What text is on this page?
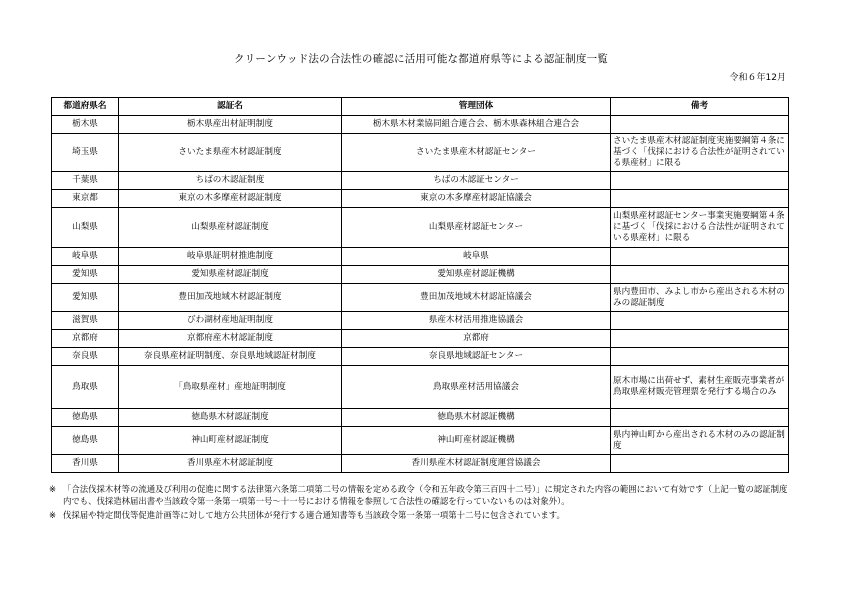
クリーンウッド法の合法性の確認に活用可能な都道府県等による認証制度一覧
令和６年12月
都道府県名	認証名	管理団体	備考
栃木県	栃木県産出材証明制度	栃木県木材業協同組合連合会、栃木県森林組合連合会	
埼玉県	さいたま県産木材認証制度	さいたま県産木材認証センター	さいたま県産木材認証制度実施要綱第４条に基づく「伐採における合法性が証明されている県産材」に限る
千葉県	ちばの木認証制度	ちばの木認証センター	
東京都	東京の木多摩産材認証制度	東京の木多摩産材認証協議会	
山梨県	山梨県産材認証制度	山梨県産材認証センター	山梨県産材認証センター事業実施要綱第４条に基づく「伐採における合法性が証明されている県産材」に限る
岐阜県	岐阜県証明材推進制度	岐阜県	
愛知県	愛知県産材認証制度	愛知県産材認証機構	
愛知県	豊田加茂地域木材認証制度	豊田加茂地域木材認証協議会	県内豊田市、みよし市から産出される木材のみの認証制度
滋賀県	びわ湖材産地証明制度	県産木材活用推進協議会	
京都府	京都府産木材認証制度	京都府	
奈良県	奈良県産材証明制度、奈良県地域認証材制度	奈良県地域認証センター	
鳥取県	「鳥取県産材」産地証明制度	鳥取県産材活用協議会	原木市場に出荷せず、素材生産販売事業者が鳥取県産材販売管理票を発行する場合のみ
徳島県	徳島県木材認証制度	徳島県木材認証機構	
徳島県	神山町産材認証制度	神山町産材認証機構	県内神山町から産出される木材のみの認証制度
香川県	香川県産木材認証制度	香川県産木材認証制度運営協議会	
※ 「合法伐採木材等の流通及び利用の促進に関する法律第六条第二項第二号の情報を定める政令（令和五年政令第三百四十二号）」に規定された内容の範囲において有効です（上記一覧の認証制度内でも、伐採造林届出書や当該政令第一条第一項第一号～十一号における情報を参照して合法性の確認を行っていないものは対象外）。
※ 伐採届や特定間伐等促進計画等に対して地方公共団体が発行する適合通知書等も当該政令第一条第一項第十二号に包含されています。
